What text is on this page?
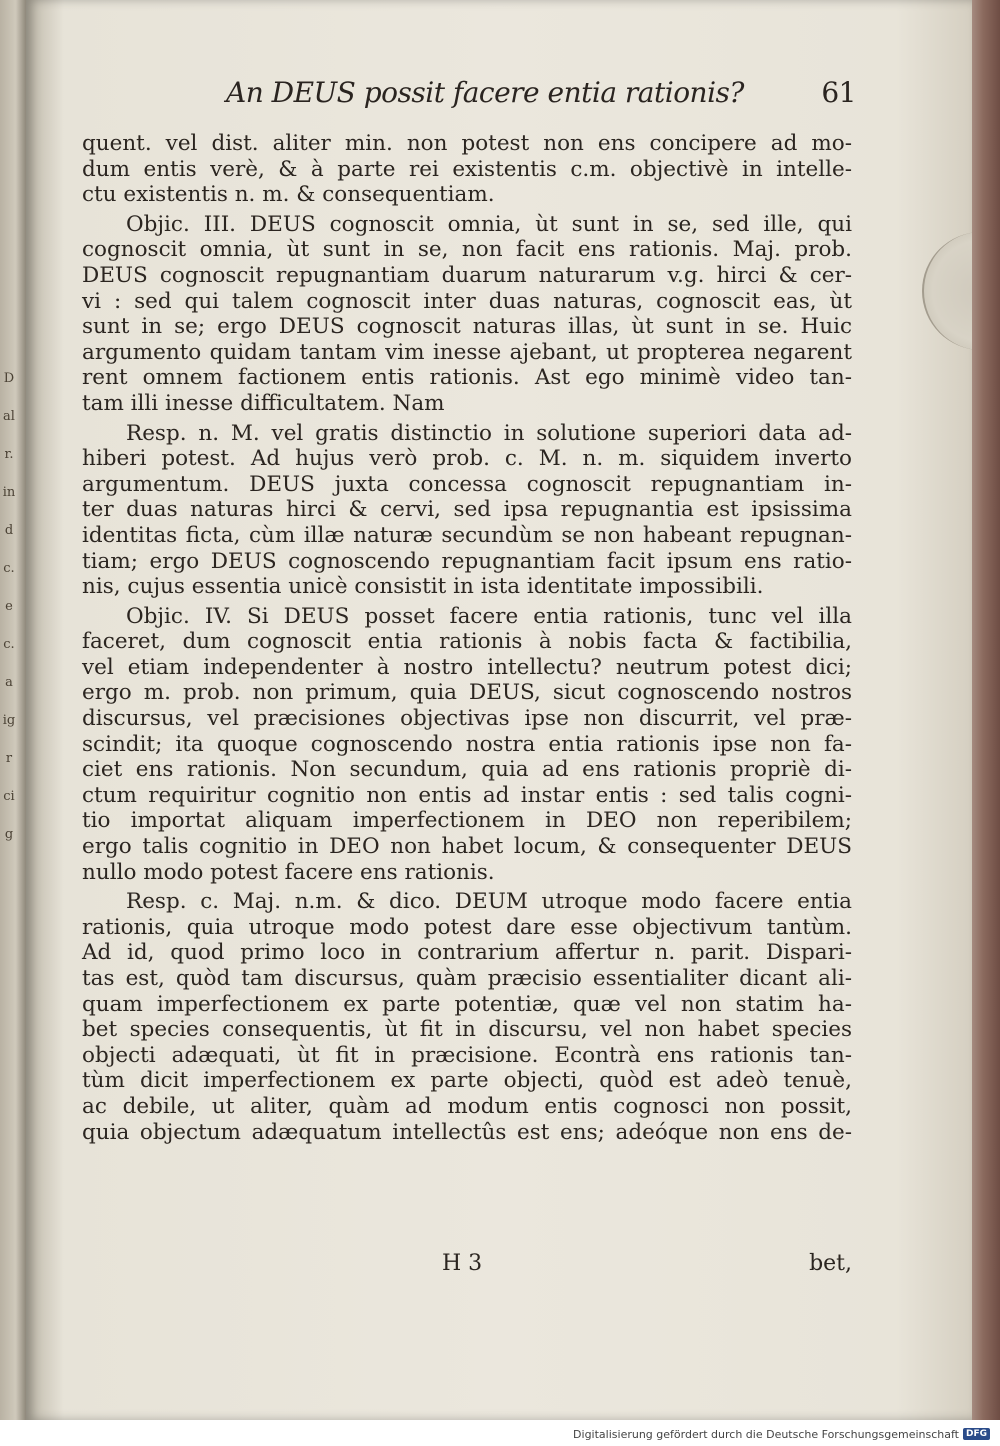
D
al
r.
in
d
c.
e
c.
a
ig
r
ci
g
An DEUS possit facere entia rationis?	61
quent. vel dist. aliter min. non potest non ens concipere ad mo-
dum entis verè, & à parte rei existentis c.m. objectivè in intelle-
ctu existentis n. m. & consequentiam.
Objic. III. DEUS cognoscit omnia, ùt sunt in se, sed ille, qui
cognoscit omnia, ùt sunt in se, non facit ens rationis. Maj. prob.
DEUS cognoscit repugnantiam duarum naturarum v.g. hirci & cer-
vi : sed qui talem cognoscit inter duas naturas, cognoscit eas, ùt
sunt in se; ergo DEUS cognoscit naturas illas, ùt sunt in se. Huic
argumento quidam tantam vim inesse ajebant, ut propterea negarent
rent omnem factionem entis rationis. Ast ego minimè video tan-
tam illi inesse difficultatem. Nam
Resp. n. M. vel gratis distinctio in solutione superiori data ad-
hiberi potest. Ad hujus verò prob. c. M. n. m. siquidem inverto
argumentum. DEUS juxta concessa cognoscit repugnantiam in-
ter duas naturas hirci & cervi, sed ipsa repugnantia est ipsissima
identitas ficta, cùm illæ naturæ secundùm se non habeant repugnan-
tiam; ergo DEUS cognoscendo repugnantiam facit ipsum ens ratio-
nis, cujus essentia unicè consistit in ista identitate impossibili.
Objic. IV. Si DEUS posset facere entia rationis, tunc vel illa
faceret, dum cognoscit entia rationis à nobis facta & factibilia,
vel etiam independenter à nostro intellectu? neutrum potest dici;
ergo m. prob. non primum, quia DEUS, sicut cognoscendo nostros
discursus, vel præcisiones objectivas ipse non discurrit, vel præ-
scindit; ita quoque cognoscendo nostra entia rationis ipse non fa-
ciet ens rationis. Non secundum, quia ad ens rationis propriè di-
ctum requiritur cognitio non entis ad instar entis : sed talis cogni-
tio importat aliquam imperfectionem in DEO non reperibilem;
ergo talis cognitio in DEO non habet locum, & consequenter DEUS
nullo modo potest facere ens rationis.
Resp. c. Maj. n.m. & dico. DEUM utroque modo facere entia
rationis, quia utroque modo potest dare esse objectivum tantùm.
Ad id, quod primo loco in contrarium affertur n. parit. Dispari-
tas est, quòd tam discursus, quàm præcisio essentialiter dicant ali-
quam imperfectionem ex parte potentiæ, quæ vel non statim ha-
bet species consequentis, ùt fit in discursu, vel non habet species
objecti adæquati, ùt fit in præcisione. Econtrà ens rationis tan-
tùm dicit imperfectionem ex parte objecti, quòd est adeò tenuè,
ac debile, ut aliter, quàm ad modum entis cognosci non possit,
quia objectum adæquatum intellectûs est ens; adeóque non ens de-
H 3	bet,
Digitalisierung gefördert durch die Deutsche Forschungsgemeinschaft DFG
